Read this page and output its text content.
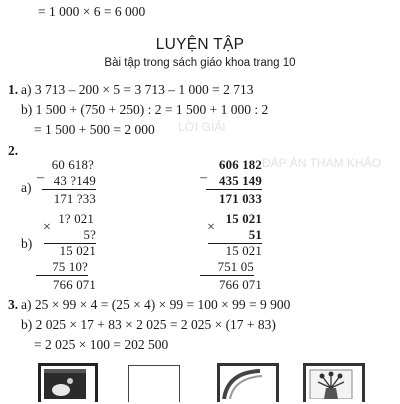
= 1 000 × 6 = 6 000
LUYỆN TẬP
Bài tập trong sách giáo khoa trang 10
LỜI GIẢI
ĐÁP ÁN THAM KHẢO
1. a) 3 713 – 200 × 5 = 3 713 – 1 000 = 2 713
b) 1 500 + (750 + 250) : 2 = 1 500 + 1 000 : 2
= 1 500 + 500 = 2 000
2.
a)
–
60 618?
43 ?149
171 ?33
–
606 182
435 149
171 033
b)
×
1? 021
5?
15 021
75 10?
766 071
×
15 021
51
15 021
751 05
766 071
3. a) 25 × 99 × 4 = (25 × 4) × 99 = 100 × 99 = 9 900
b) 2 025 × 17 + 83 × 2 025 = 2 025 × (17 + 83)
= 2 025 × 100 = 202 500
